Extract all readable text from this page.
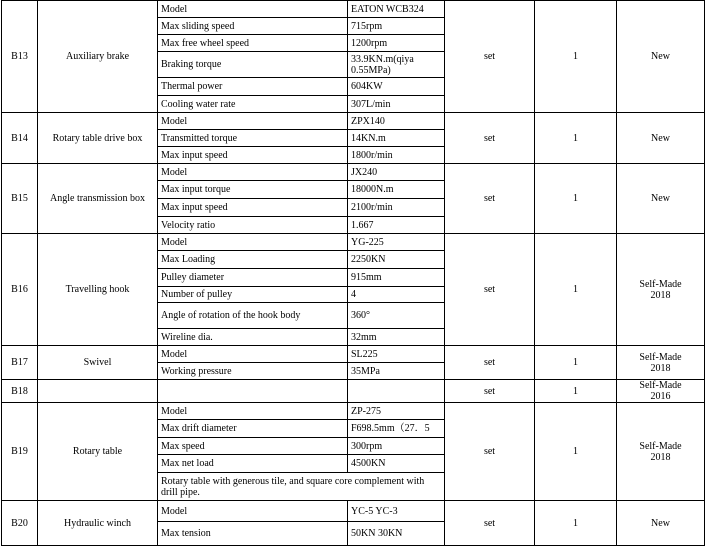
B13	Auxiliary brake	Model	EATON WCB324	set	1	New
		Max sliding speed	715rpm			
		Max free wheel speed	1200rpm			
		Braking torque	33.9KN.m(qiya 0.55MPa)			
		Thermal power	604KW			
		Cooling water rate	307L/min			
B14	Rotary table drive box	Model	ZPX140	set	1	New
		Transmitted torque	14KN.m			
		Max input speed	1800r/min			
B15	Angle transmission box	Model	JX240	set	1	New
		Max input torque	18000N.m			
		Max input speed	2100r/min			
		Velocity ratio	1.667			
B16	Travelling hook	Model	YG-225	set	1	Self-Made 2018
		Max Loading	2250KN			
		Pulley diameter	915mm			
		Number of pulley	4			
		Angle of rotation of the hook body	360°			
		Wireline dia.	32mm			
B17	Swivel	Model	SL225	set	1	Self-Made 2018
		Working pressure	35MPa			
B18				set	1	Self-Made 2016
B19	Rotary table	Model	ZP-275	set	1	Self-Made 2018
		Max drift diameter	F698.5mm（27．5			
		Max speed	300rpm			
		Max net load	4500KN			
		Rotary table with generous tile, and square core complement with drill pipe.				
B20	Hydraulic winch	Model	YC-5 YC-3	set	1	New
		Max tension	50KN 30KN			
